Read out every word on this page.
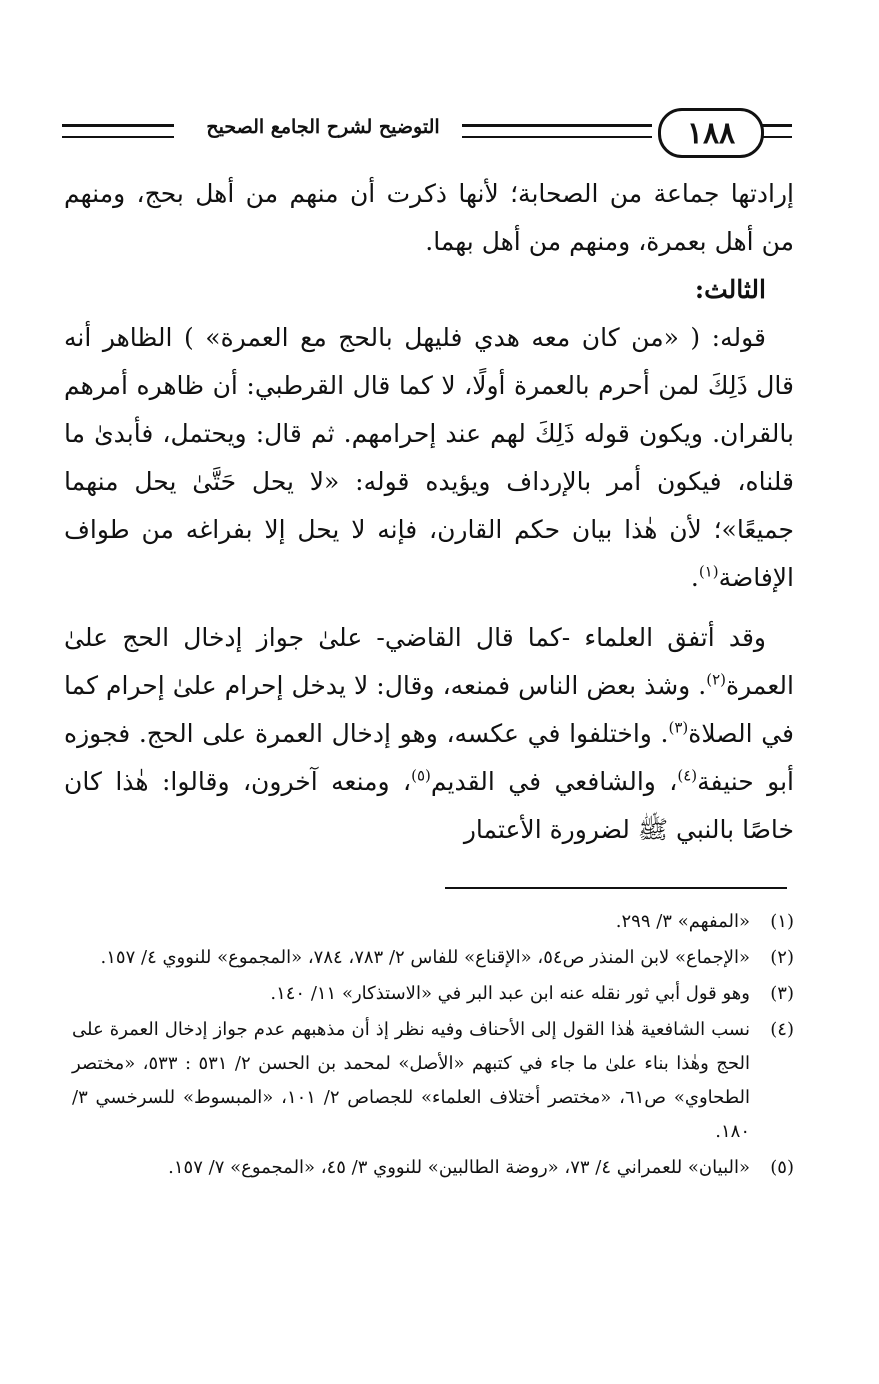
١٨٨
التوضيح لشرح الجامع الصحيح

إرادتها جماعة من الصحابة؛ لأنها ذكرت أن منهم من أهل بحج، ومنهم من أهل بعمرة، ومنهم من أهل بهما.

الثالث:

قوله: ( «من كان معه هدي فليهل بالحج مع العمرة» ) الظاهر أنه قال ذَلِكَ لمن أحرم بالعمرة أولًا، لا كما قال القرطبي: أن ظاهره أمرهم بالقران. ويكون قوله ذَلِكَ لهم عند إحرامهم. ثم قال: ويحتمل، فأبدىٰ ما قلناه، فيكون أمر بالإرداف ويؤيده قوله: «لا يحل حَتَّىٰ يحل منهما جميعًا»؛ لأن هٰذا بيان حكم القارن، فإنه لا يحل إلا بفراغه من طواف الإفاضة$^{(١)}$.

وقد أتفق العلماء -كما قال القاضي- علىٰ جواز إدخال الحج علىٰ العمرة$^{(٢)}$. وشذ بعض الناس فمنعه، وقال: لا يدخل إحرام علىٰ إحرام كما في الصلاة$^{(٣)}$. واختلفوا في عكسه، وهو إدخال العمرة على الحج. فجوزه أبو حنيفة$^{(٤)}$، والشافعي في القديم$^{(٥)}$، ومنعه آخرون، وقالوا: هٰذا كان خاصًا بالنبي ﷺ لضرورة الأعتمار

(١)
«المفهم» ٣/ ٢٩٩.
(٢)
«الإجماع» لابن المنذر ص٥٤، «الإقناع» للفاس ٢/ ٧٨٣، ٧٨٤، «المجموع» للنووي ٤/ ١٥٧.
(٣)
وهو قول أبي ثور نقله عنه ابن عبد البر في «الاستذكار» ١١/ ١٤٠.
(٤)
نسب الشافعية هٰذا القول إلى الأحناف وفيه نظر إذ أن مذهبهم عدم جواز إدخال العمرة على الحج وهٰذا بناء علىٰ ما جاء في كتبهم «الأصل» لمحمد بن الحسن ٢/ ٥٣١ : ٥٣٣، «مختصر الطحاوي» ص٦١، «مختصر أختلاف العلماء» للجصاص ٢/ ١٠١، «المبسوط» للسرخسي ٣/ ١٨٠.
(٥)
«البيان» للعمراني ٤/ ٧٣، «روضة الطالبين» للنووي ٣/ ٤٥، «المجموع» ٧/ ١٥٧.
